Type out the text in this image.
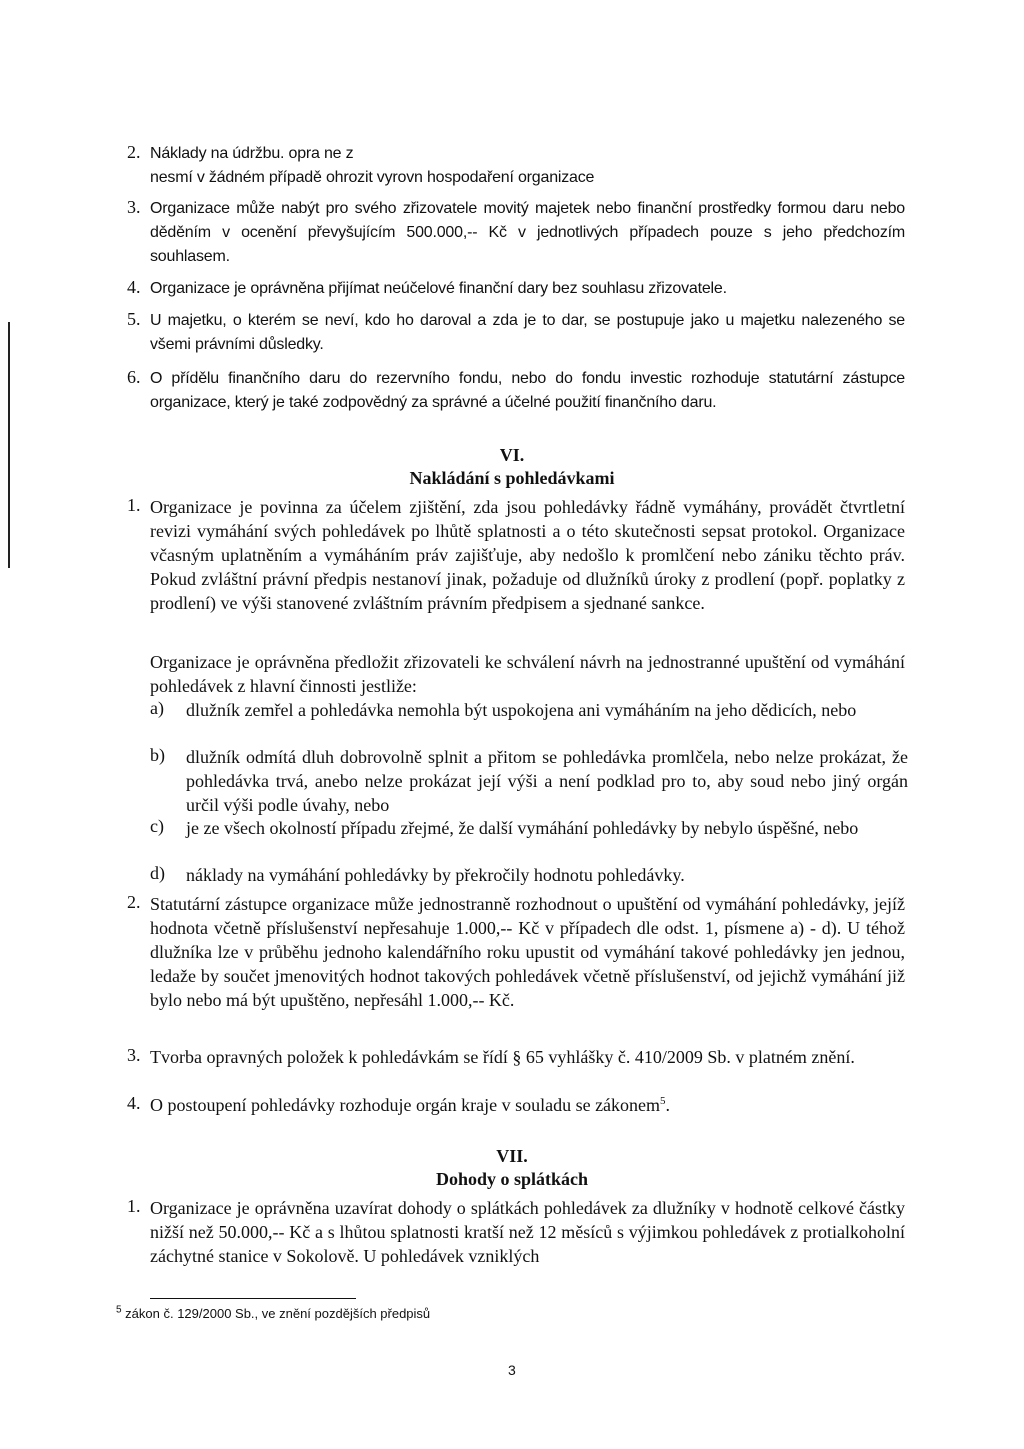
2. Náklady na údržbu. opra ne z
nesmí v žádném případě ohrozit vyrovn hospodaření organizace
3. Organizace může nabýt pro svého zřizovatele movitý majetek nebo finanční prostředky formou daru nebo děděním v ocenění převyšujícím 500.000,-- Kč v jednotlivých případech pouze s jeho předchozím souhlasem.
4. Organizace je oprávněna přijímat neúčelové finanční dary bez souhlasu zřizovatele.
5. U majetku, o kterém se neví, kdo ho daroval a zda je to dar, se postupuje jako u majetku nalezeného se všemi právními důsledky.
6. O přídělu finančního daru do rezervního fondu, nebo do fondu investic rozhoduje statutární zástupce organizace, který je také zodpovědný za správné a účelné použití finančního daru.
VI.
Nakládání s pohledávkami
1. Organizace je povinna za účelem zjištění, zda jsou pohledávky řádně vymáhány, provádět čtvrtletní revizi vymáhání svých pohledávek po lhůtě splatnosti a o této skutečnosti sepsat protokol. Organizace včasným uplatněním a vymáháním práv zajišťuje, aby nedošlo k promlčení nebo zániku těchto práv. Pokud zvláštní právní předpis nestanoví jinak, požaduje od dlužníků úroky z prodlení (popř. poplatky z prodlení) ve výši stanovené zvláštním právním předpisem a sjednané sankce.
Organizace je oprávněna předložit zřizovateli ke schválení návrh na jednostranné upuštění od vymáhání pohledávek z hlavní činnosti jestliže:
a) dlužník zemřel a pohledávka nemohla být uspokojena ani vymáháním na jeho dědicích, nebo
b) dlužník odmítá dluh dobrovolně splnit a přitom se pohledávka promlčela, nebo nelze prokázat, že pohledávka trvá, anebo nelze prokázat její výši a není podklad pro to, aby soud nebo jiný orgán určil výši podle úvahy, nebo
c) je ze všech okolností případu zřejmé, že další vymáhání pohledávky by nebylo úspěšné, nebo
d) náklady na vymáhání pohledávky by překročily hodnotu pohledávky.
2. Statutární zástupce organizace může jednostranně rozhodnout o upuštění od vymáhání pohledávky, jejíž hodnota včetně příslušenství nepřesahuje 1.000,-- Kč v případech dle odst. 1, písmene a) - d). U téhož dlužníka lze v průběhu jednoho kalendářního roku upustit od vymáhání takové pohledávky jen jednou, ledaže by součet jmenovitých hodnot takových pohledávek včetně příslušenství, od jejichž vymáhání již bylo nebo má být upuštěno, nepřesáhl 1.000,-- Kč.
3. Tvorba opravných položek k pohledávkám se řídí § 65 vyhlášky č. 410/2009 Sb. v platném znění.
4. O postoupení pohledávky rozhoduje orgán kraje v souladu se zákonem$^5$.
VII.
Dohody o splátkách
1. Organizace je oprávněna uzavírat dohody o splátkách pohledávek za dlužníky v hodnotě celkové částky nižší než 50.000,-- Kč a s lhůtou splatnosti kratší než 12 měsíců s výjimkou pohledávek z protialkoholní záchytné stanice v Sokolově. U pohledávek vzniklých
$^5$ zákon č. 129/2000 Sb., ve znění pozdějších předpisů
3
